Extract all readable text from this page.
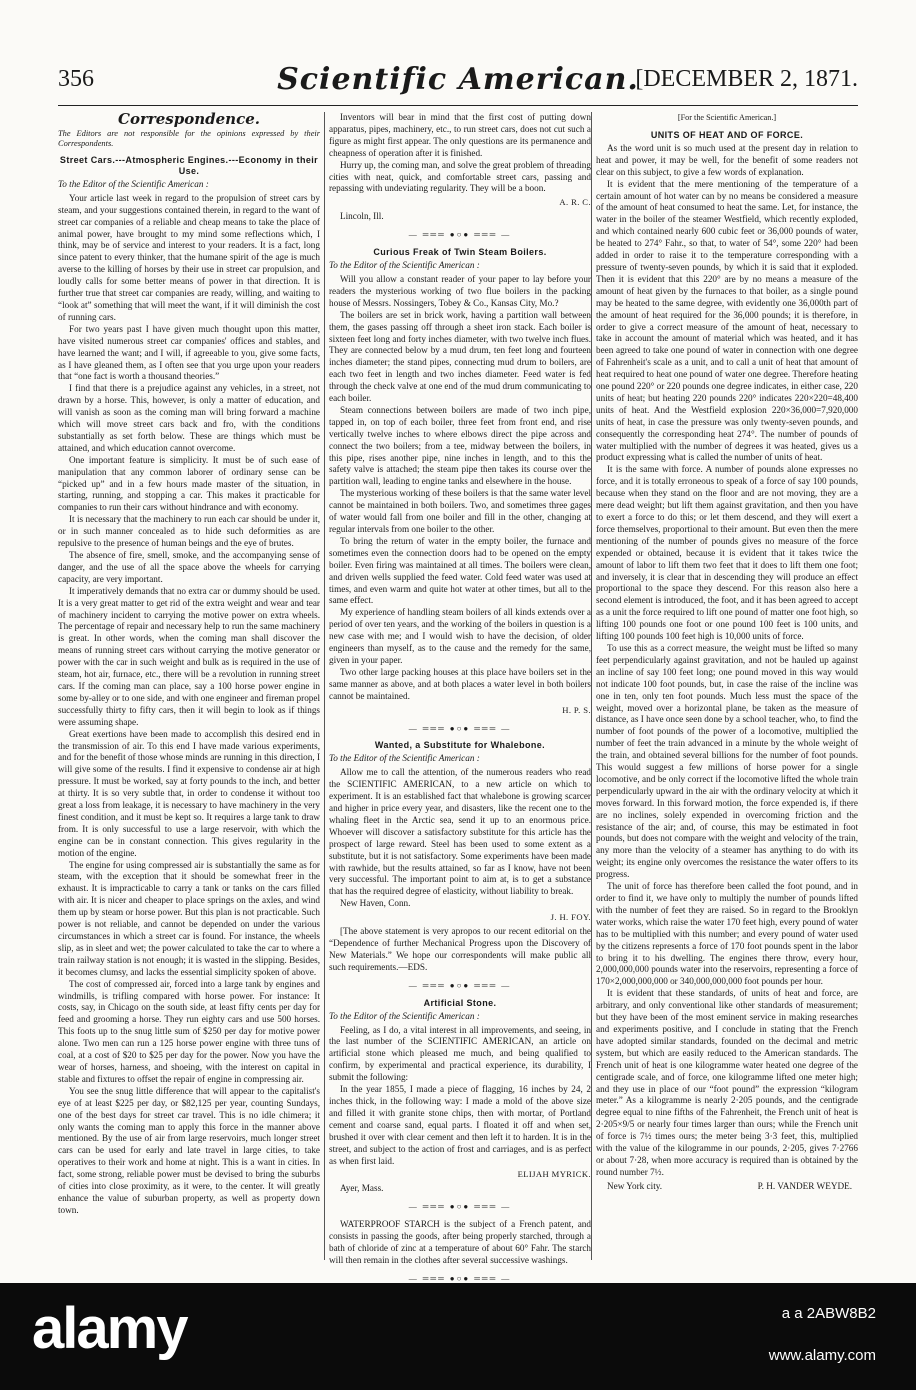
356	Scientific American.
[DECEMBER 2, 1871.
Correspondence.
The Editors are not responsible for the opinions expressed by their Correspondents.
Street Cars.---Atmospheric Engines.---Economy in their Use.
To the Editor of the Scientific American :

Your article last week in regard to the propulsion of street cars by steam, and your suggestions contained therein, in regard to the want of street car companies of a reliable and cheap means to take the place of animal power, have brought to my mind some reflections which, I think, may be of service and interest to your readers. It is a fact, long since patent to every thinker, that the humane spirit of the age is much averse to the killing of horses by their use in street car propulsion, and loudly calls for some better means of power in that direction. It is further true that street car companies are ready, willing, and waiting to “look at” something that will meet the want, if it will diminish the cost of running cars.

For two years past I have given much thought upon this matter, have visited numerous street car companies' offices and stables, and have learned the want; and I will, if agreeable to you, give some facts, as I have gleaned them, as I often see that you urge upon your readers that “one fact is worth a thousand theories.”

I find that there is a prejudice against any vehicles, in a street, not drawn by a horse. This, however, is only a matter of education, and will vanish as soon as the coming man will bring forward a machine which will move street cars back and fro, with the conditions substantially as set forth below. These are things which must be attained, and which education cannot overcome.

One important feature is simplicity. It must be of such ease of manipulation that any common laborer of ordinary sense can be “picked up” and in a few hours made master of the situation, in starting, running, and stopping a car. This makes it practicable for companies to run their cars without hindrance and with economy.

It is necessary that the machinery to run each car should be under it, or in such manner concealed as to hide such deformities as are repulsive to the presence of human beings and the eye of brutes.

The absence of fire, smell, smoke, and the accompanying sense of danger, and the use of all the space above the wheels for carrying capacity, are very important.

It imperatively demands that no extra car or dummy should be used. It is a very great matter to get rid of the extra weight and wear and tear of machinery incident to carrying the motive power on extra wheels. The percentage of repair and necessary help to run the same machinery is great. In other words, when the coming man shall discover the means of running street cars without carrying the motive generator or power with the car in such weight and bulk as is required in the use of steam, hot air, furnace, etc., there will be a revolution in running street cars. If the coming man can place, say a 100 horse power engine in some by-alley or to one side, and with one engineer and fireman propel successfully thirty to fifty cars, then it will begin to look as if things were assuming shape.

Great exertions have been made to accomplish this desired end in the transmission of air. To this end I have made various experiments, and for the benefit of those whose minds are running in this direction, I will give some of the results. I find it expensive to condense air at high pressure. It must be worked, say at forty pounds to the inch, and better at thirty. It is so very subtle that, in order to condense it without too great a loss from leakage, it is necessary to have machinery in the very finest condition, and it must be kept so. It requires a large tank to draw from. It is only successful to use a large reservoir, with which the engine can be in constant connection. This gives regularity in the motion of the engine.

The engine for using compressed air is substantially the same as for steam, with the exception that it should be somewhat freer in the exhaust. It is impracticable to carry a tank or tanks on the cars filled with air. It is nicer and cheaper to place springs on the axles, and wind them up by steam or horse power. But this plan is not practicable. Such power is not reliable, and cannot be depended on under the various circumstances in which a street car is found. For instance, the wheels slip, as in sleet and wet; the power calculated to take the car to where a train railway station is not enough; it is wasted in the slipping. Besides, it becomes clumsy, and lacks the essential simplicity spoken of above.

The cost of compressed air, forced into a large tank by engines and windmills, is trifling compared with horse power. For instance: It costs, say, in Chicago on the south side, at least fifty cents per day for feed and grooming a horse. They run eighty cars and use 500 horses. This foots up to the snug little sum of $250 per day for motive power alone. Two men can run a 125 horse power engine with three tuns of coal, at a cost of $20 to $25 per day for the power. Now you have the wear of horses, harness, and shoeing, with the interest on capital in stable and fixtures to offset the repair of engine in compressing air.

You see the snug little difference that will appear to the capitalist's eye of at least $225 per day, or $82,125 per year, counting Sundays, one of the best days for street car travel. This is no idle chimera; it only wants the coming man to apply this force in the manner above mentioned. By the use of air from large reservoirs, much longer street cars can be used for early and late travel in large cities, to take operatives to their work and home at night. This is a want in cities. In fact, some strong, reliable power must be devised to bring the suburbs of cities into close proximity, as it were, to the center. It will greatly enhance the value of suburban property, as well as property down town.

Inventors will bear in mind that the first cost of putting down apparatus, pipes, machinery, etc., to run street cars, does not cut such a figure as might first appear. The only questions are its permanence and cheapness of operation after it is finished.

Hurry up, the coming man, and solve the great problem of threading cities with neat, quick, and comfortable street cars, passing and repassing with undeviating regularity. They will be a boon.

A. R. C.
Lincoln, Ill.
— ═══ ●○● ═══ —
Curious Freak of Twin Steam Boilers.
To the Editor of the Scientific American :

Will you allow a constant reader of your paper to lay before your readers the mysterious working of two flue boilers in the packing house of Messrs. Nossingers, Tobey & Co., Kansas City, Mo.?

The boilers are set in brick work, having a partition wall between them, the gases passing off through a sheet iron stack. Each boiler is sixteen feet long and forty inches diameter, with two twelve inch flues. They are connected below by a mud drum, ten feet long and fourteen inches diameter; the stand pipes, connecting mud drum to boilers, are each two feet in length and two inches diameter. Feed water is fed through the check valve at one end of the mud drum communicating to each boiler.

Steam connections between boilers are made of two inch pipe, tapped in, on top of each boiler, three feet from front end, and rise vertically twelve inches to where elbows direct the pipe across and connect the two boilers; from a tee, midway between the boilers, in this pipe, rises another pipe, nine inches in length, and to this the safety valve is attached; the steam pipe then takes its course over the partition wall, leading to engine tanks and elsewhere in the house.

The mysterious working of these boilers is that the same water level cannot be maintained in both boilers. Two, and sometimes three gages of water would fall from one boiler and fill in the other, changing at regular intervals from one boiler to the other.

To bring the return of water in the empty boiler, the furnace and sometimes even the connection doors had to be opened on the empty boiler. Even firing was maintained at all times. The boilers were clean, and driven wells supplied the feed water. Cold feed water was used at times, and even warm and quite hot water at other times, but all to the same effect.

My experience of handling steam boilers of all kinds extends over a period of over ten years, and the working of the boilers in question is a new case with me; and I would wish to have the decision, of older engineers than myself, as to the cause and the remedy for the same, given in your paper.

Two other large packing houses at this place have boilers set in the same manner as above, and at both places a water level in both boilers cannot be maintained.

H. P. S.
— ═══ ●○● ═══ —
Wanted, a Substitute for Whalebone.
To the Editor of the Scientific American :

Allow me to call the attention, of the numerous readers who read the SCIENTIFIC AMERICAN, to a new article on which to experiment. It is an established fact that whalebone is growing scarcer and higher in price every year, and disasters, like the recent one to the whaling fleet in the Arctic sea, send it up to an enormous price. Whoever will discover a satisfactory substitute for this article has the prospect of large reward. Steel has been used to some extent as a substitute, but it is not satisfactory. Some experiments have been made with rawhide, but the results attained, so far as I know, have not been very successful. The important point to aim at, is to get a substance that has the required degree of elasticity, without liability to break.

New Haven, Conn.
J. H. FOY.

[The above statement is very apropos to our recent editorial on the “Dependence of further Mechanical Progress upon the Discovery of New Materials.” We hope our correspondents will make public all such requirements.—EDS.

— ═══ ●○● ═══ —
Artificial Stone.
To the Editor of the Scientific American :

Feeling, as I do, a vital interest in all improvements, and seeing, in the last number of the SCIENTIFIC AMERICAN, an article on artificial stone which pleased me much, and being qualified to confirm, by experimental and practical experience, its durability, I submit the following:

In the year 1855, I made a piece of flagging, 16 inches by 24, 2 inches thick, in the following way: I made a mold of the above size and filled it with granite stone chips, then with mortar, of Portland cement and coarse sand, equal parts. I floated it off and when set, brushed it over with clear cement and then left it to harden. It is in the street, and subject to the action of frost and carriages, and is as perfect as when first laid.

ELIJAH MYRICK.
Ayer, Mass.
— ═══ ●○● ═══ —

WATERPROOF STARCH is the subject of a French patent, and consists in passing the goods, after being properly starched, through a bath of chloride of zinc at a temperature of about 60° Fahr. The starch will then remain in the clothes after several successive washings.

— ═══ ●○● ═══ —

[For the Scientific American.]
UNITS OF HEAT AND OF FORCE.

As the word unit is so much used at the present day in relation to heat and power, it may be well, for the benefit of some readers not clear on this subject, to give a few words of explanation.

It is evident that the mere mentioning of the temperature of a certain amount of hot water can by no means be considered a measure of the amount of heat consumed to heat the same. Let, for instance, the water in the boiler of the steamer Westfield, which recently exploded, and which contained nearly 600 cubic feet or 36,000 pounds of water, be heated to 274° Fahr., so that, to water of 54°, some 220° had been added in order to raise it to the temperature corresponding with a pressure of twenty-seven pounds, by which it is said that it exploded. Then it is evident that this 220° are by no means a measure of the amount of heat given by the furnaces to that boiler, as a single pound may be heated to the same degree, with evidently one 36,000th part of the amount of heat required for the 36,000 pounds; it is therefore, in order to give a correct measure of the amount of heat, necessary to take in account the amount of material which was heated, and it has been agreed to take one pound of water in connection with one degree of Fahrenheit's scale as a unit, and to call a unit of heat that amount of heat required to heat one pound of water one degree. Therefore heating one pound 220° or 220 pounds one degree indicates, in either case, 220 units of heat; but heating 220 pounds 220° indicates 220×220=48,400 units of heat. And the Westfield explosion 220×36,000=7,920,000 units of heat, in case the pressure was only twenty-seven pounds, and consequently the corresponding heat 274°. The number of pounds of water multiplied with the number of degrees it was heated, gives us a product expressing what is called the number of units of heat.

It is the same with force. A number of pounds alone expresses no force, and it is totally erroneous to speak of a force of say 100 pounds, because when they stand on the floor and are not moving, they are a mere dead weight; but lift them against gravitation, and then you have to exert a force to do this; or let them descend, and they will exert a force themselves, proportional to their amount. But even then the mere mentioning of the number of pounds gives no measure of the force expended or obtained, because it is evident that it takes twice the amount of labor to lift them two feet that it does to lift them one foot; and inversely, it is clear that in descending they will produce an effect proportional to the space they descend. For this reason also here a second element is introduced, the foot, and it has been agreed to accept as a unit the force required to lift one pound of matter one foot high, so lifting 100 pounds one foot or one pound 100 feet is 100 units, and lifting 100 pounds 100 feet high is 10,000 units of force.

To use this as a correct measure, the weight must be lifted so many feet perpendicularly against gravitation, and not be hauled up against an incline of say 100 feet long; one pound moved in this way would not indicate 100 foot pounds, but, in case the raise of the incline was one in ten, only ten foot pounds. Much less must the space of the weight, moved over a horizontal plane, be taken as the measure of distance, as I have once seen done by a school teacher, who, to find the number of foot pounds of the power of a locomotive, multiplied the number of feet the train advanced in a minute by the whole weight of the train, and obtained several billions for the number of foot pounds. This would suggest a few millions of horse power for a single locomotive, and be only correct if the locomotive lifted the whole train perpendicularly upward in the air with the ordinary velocity at which it moves forward. In this forward motion, the force expended is, if there are no inclines, solely expended in overcoming friction and the resistance of the air; and, of course, this may be estimated in foot pounds, but does not compare with the weight and velocity of the train, any more than the velocity of a steamer has anything to do with its weight; its engine only overcomes the resistance the water offers to its progress.

The unit of force has therefore been called the foot pound, and in order to find it, we have only to multiply the number of pounds lifted with the number of feet they are raised. So in regard to the Brooklyn water works, which raise the water 170 feet high, every pound of water has to be multiplied with this number; and every pound of water used by the citizens represents a force of 170 foot pounds spent in the labor to bring it to his dwelling. The engines there throw, every hour, 2,000,000,000 pounds water into the reservoirs, representing a force of 170×2,000,000,000 or 340,000,000,000 foot pounds per hour.

It is evident that these standards, of units of heat and force, are arbitrary, and only conventional like other standards of measurement; but they have been of the most eminent service in making researches and experiments positive, and I conclude in stating that the French have adopted similar standards, founded on the decimal and metric system, but which are easily reduced to the American standards. The French unit of heat is one kilogramme water heated one degree of the centigrade scale, and of force, one kilogramme lifted one meter high; and they use in place of our “foot pound” the expression “kilogram meter.” As a kilogramme is nearly 2·205 pounds, and the centigrade degree equal to nine fifths of the Fahrenheit, the French unit of heat is 2·205×9/5 or nearly four times larger than ours; while the French unit of force is 7½ times ours; the meter being 3·3 feet, this, multiplied with the value of the kilogramme in our pounds, 2·205, gives 7·2766 or about 7·28, when more accuracy is required than is obtained by the round number 7½.

New York city.	P. H. VANDER WEYDE.
alamy	a a 2ABW8B2
www.alamy.com
